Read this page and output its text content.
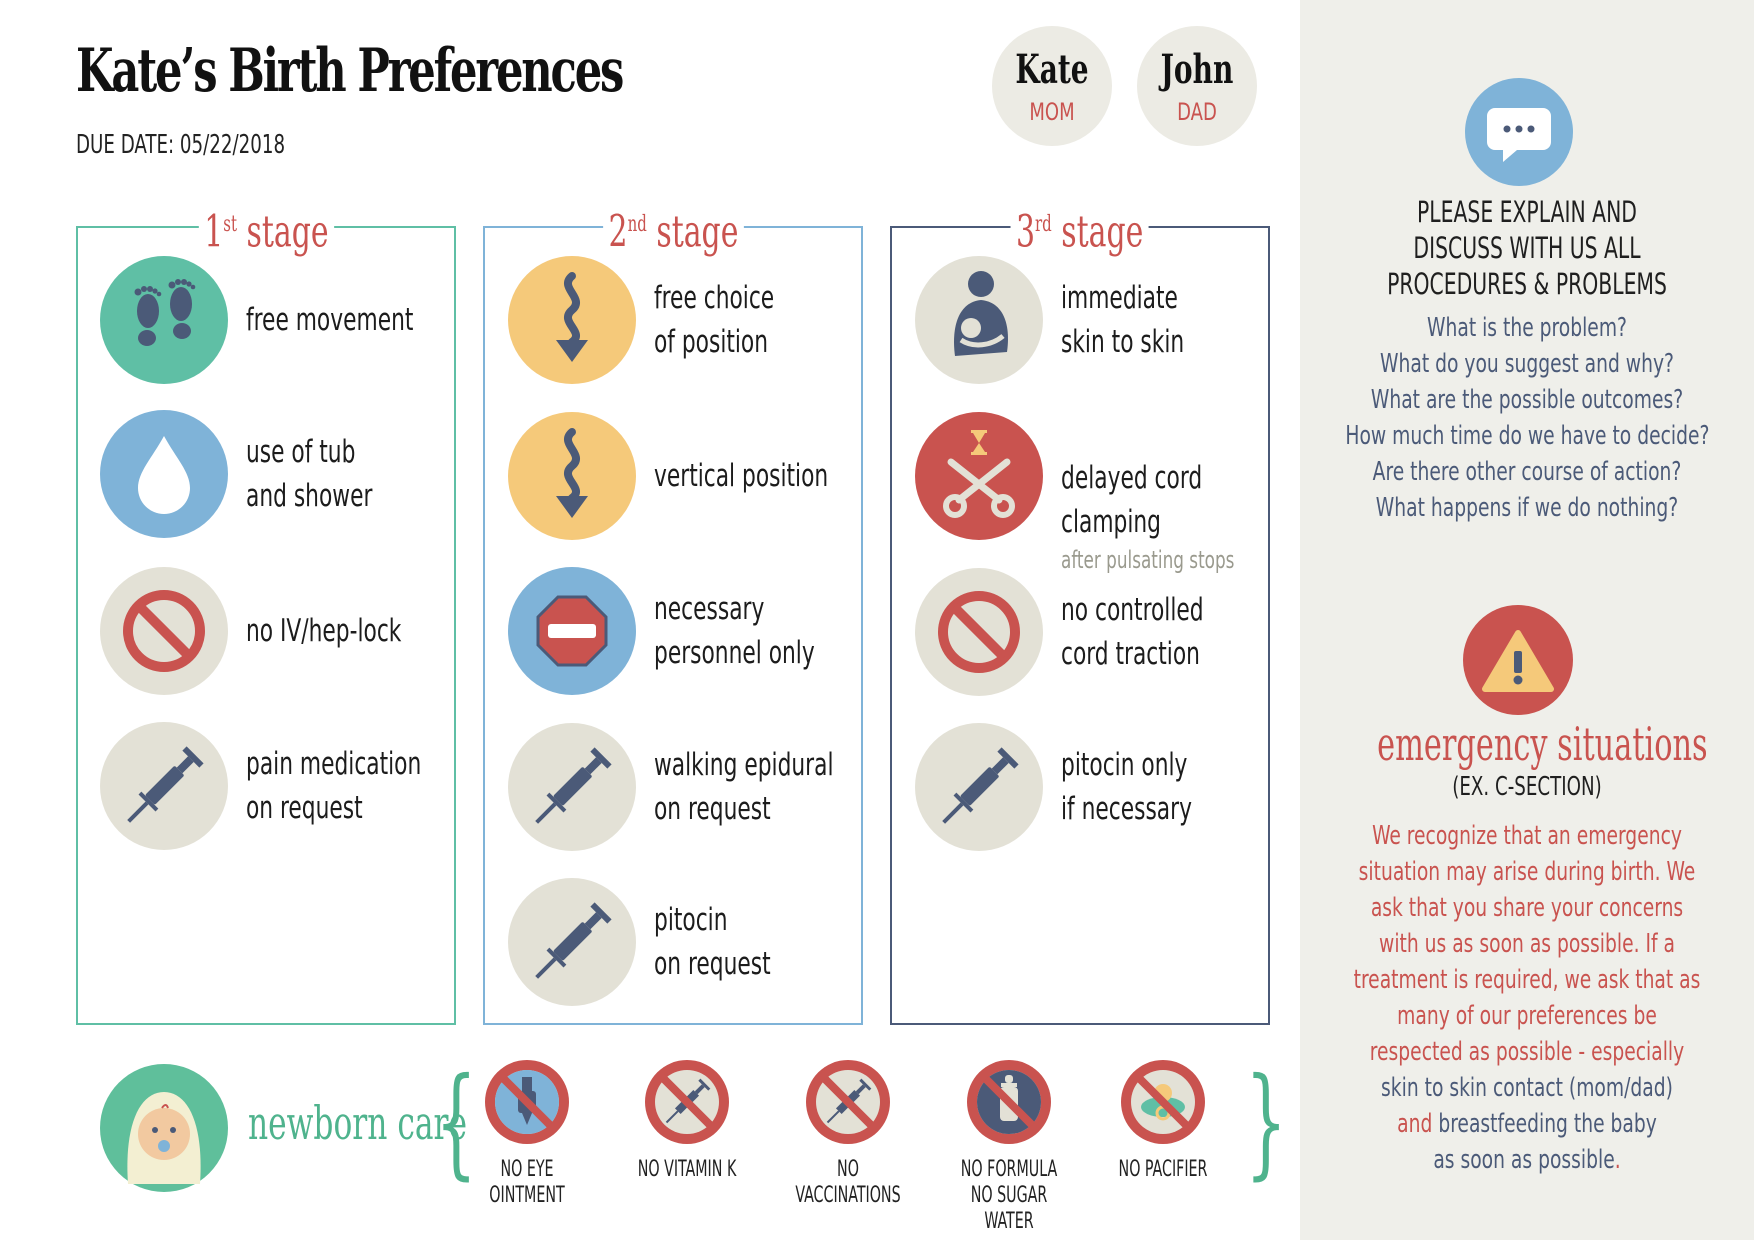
Kate’s Birth Preferences
DUE DATE: 05/22/2018
Kate
MOM
John
DAD
1st stage
free movement
use of tub
and shower
no IV/hep-lock
pain medication
on request
2nd stage
free choice
of position
vertical position
necessary
personnel only
walking epidural
on request
pitocin
on request
3rd stage
immediate
skin to skin

delayed cord
clamping

after pulsating stops

no controlled
cord traction
pitocin only
if necessary
newborn care
{	}
NO EYE OINTMENT
NO VITAMIN K	NO VACCINATIONS
NO FORMULA
NO SUGAR WATER
NO PACIFIER
PLEASE EXPLAIN AND
DISCUSS WITH US ALL
PROCEDURES & PROBLEMS
What is the problem?
What do you suggest and why?
What are the possible outcomes?
How much time do we have to decide?
Are there other course of action?
What happens if we do nothing?
emergency situations
(EX. C-SECTION)
We recognize that an emergency
situation may arise during birth. We
ask that you share your concerns
with us as soon as possible. If a
treatment is required, we ask that as
many of our preferences be
respected as possible - especially
skin to skin contact (mom/dad)
and breastfeeding the baby
as soon as possible.
